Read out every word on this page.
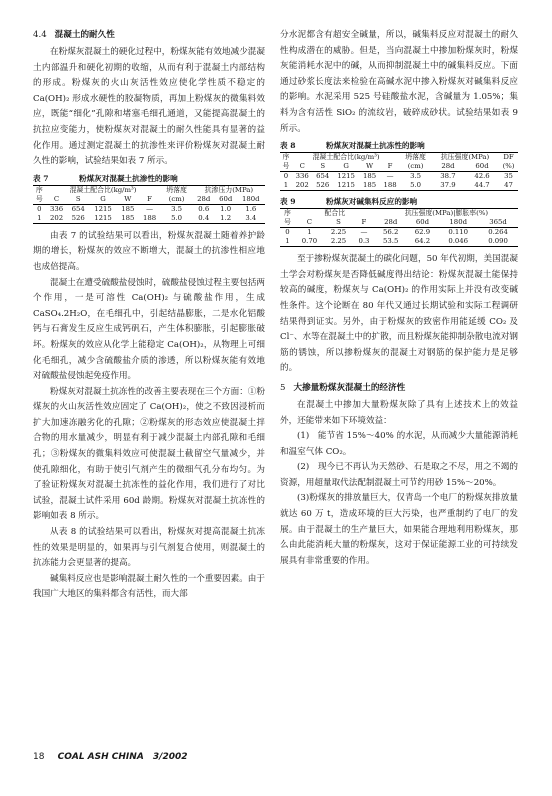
4.4 混凝土的耐久性

在粉煤灰混凝土的硬化过程中，粉煤灰能有效地减少混凝土内部温升和硬化初期的收缩，从而有利于混凝土内部结构的形成。粉煤灰的火山灰活性效应使化学性质不稳定的 Ca(OH)₂ 形成水硬性的胶凝物质，再加上粉煤灰的微集料效应，既能“细化”孔隙和堵塞毛细孔通道，又能提高混凝土的抗拉应变能力，使粉煤灰对混凝土的耐久性能具有显著的益化作用。通过测定混凝土的抗渗性来评价粉煤灰对混凝土耐久性的影响，试验结果如表 7 所示。

表 7	粉煤灰对混凝土抗渗性的影响
序	混凝土配合比(kg/m³)					坍落度	抗渗压力(MPa)		
号	C	S	G	W	F	(cm)	28d	60d	180d
0	336	654	1215	185	—	3.5	0.6	1.0	1.6
1	202	526	1215	185	188	5.0	0.4	1.2	3.4

由表 7 的试验结果可以看出，粉煤灰混凝土随着养护龄期的增长，粉煤灰的效应不断增大，混凝土的抗渗性相应地也成倍提高。

混凝土在遭受硫酸盐侵蚀时，硫酸盐侵蚀过程主要包括两个作用，一是可溶性 Ca(OH)₂ 与硫酸盐作用，生成 CaSO₄.2H₂O，在毛细孔中，引起结晶膨胀，二是水化铝酸钙与石膏发生反应生成钙矾石，产生体积膨胀，引起膨胀破坏。粉煤灰的效应从化学上能稳定 Ca(OH)₂，从物理上可细化毛细孔，减少含硫酸盐介质的渗透，所以粉煤灰能有效地对硫酸盐侵蚀起免疫作用。

粉煤灰对混凝土抗冻性的改善主要表现在三个方面：①粉煤灰的火山灰活性效应固定了 Ca(OH)₂，使之不致因浸析而扩大加速冻融劣化的孔隙；②粉煤灰的形态效应使混凝土拌合物的用水量减少，明显有利于减少混凝土内部孔隙和毛细孔；③粉煤灰的微集料效应可使混凝土截留空气量减少，并使孔隙细化，有助于使引气剂产生的微细气孔分布均匀。为了验证粉煤灰对混凝土抗冻性的益化作用，我们进行了对比试验，混凝土试件采用 60d 龄期。粉煤灰对混凝土抗冻性的影响如表 8 所示。

从表 8 的试验结果可以看出，粉煤灰对提高混凝土抗冻性的效果是明显的，如果再与引气剂复合使用，则混凝土的抗冻能力会更显著的提高。

碱集料反应也是影响混凝土耐久性的一个重要因素。由于我国广大地区的集料都含有活性，而大部

分水泥都含有超安全碱量，所以，碱集料反应对混凝土的耐久性构成潜在的威胁。但是，当向混凝土中掺加粉煤灰时，粉煤灰能消耗水泥中的碱，从而抑制混凝土中的碱集料反应。下面通过砂浆长度法来检验在高碱水泥中掺入粉煤灰对碱集料反应的影响。水泥采用 525 号硅酸盐水泥，含碱量为 1.05%；集料为含有活性 SiO₂ 的流纹岩，破碎成砂状。试验结果如表 9 所示。

表 8	粉煤灰对混凝土抗冻性的影响
序	混凝土配合比(kg/m³)					坍落度	抗压强度(MPa)		DF
号	C	S	G	W	F	(cm)	28d	60d	(%)
0	336	654	1215	185	—	3.5	38.7	42.6	35
1	202	526	1215	185	188	5.0	37.9	44.7	47
表 9	粉煤灰对碱集料反应的影响
序	配合比			抗压强度(MPa)|膨胀率(%)			
号	C	S	F	28d	60d	180d	365d
0	1	2.25	—	56.2	62.9	0.110	0.264
1	0.70	2.25	0.3	53.5	64.2	0.046	0.090

至于掺粉煤灰混凝土的碳化问题，50 年代初期，美国混凝土学会对粉煤灰是否降低碱度得出结论：粉煤灰混凝土能保持较高的碱度，粉煤灰与 Ca(OH)₂ 的作用实际上并没有改变碱性条件。这个论断在 80 年代又通过长期试验和实际工程调研结果得到证实。另外，由于粉煤灰的致密作用能延缓 CO₂ 及 Cl⁻、水等在混凝土中的扩散，而且粉煤灰能抑制杂散电流对钢筋的锈蚀，所以掺粉煤灰的混凝土对钢筋的保护能力是足够的。

5 大掺量粉煤灰混凝土的经济性

在混凝土中掺加大量粉煤灰除了具有上述技术上的效益外，还能带来如下环境效益：

(1)　能节省 15%～40% 的水泥，从而减少大量能源消耗和温室气体 CO₂。

(2)　现今已不再认为天然砂、石是取之不尽，用之不竭的资源，用超量取代法配制混凝土可节约用砂 15%～20%。

(3)粉煤灰的排放量巨大，仅青岛一个电厂的粉煤灰排放量就达 60 万 t，造成环境的巨大污染，也严重制约了电厂的发展。由于混凝土的生产量巨大，如果能合理地利用粉煤灰，那么由此能消耗大量的粉煤灰，这对于保证能源工业的可持续发展具有非常重要的作用。

18 COAL ASH CHINA 3/2002
